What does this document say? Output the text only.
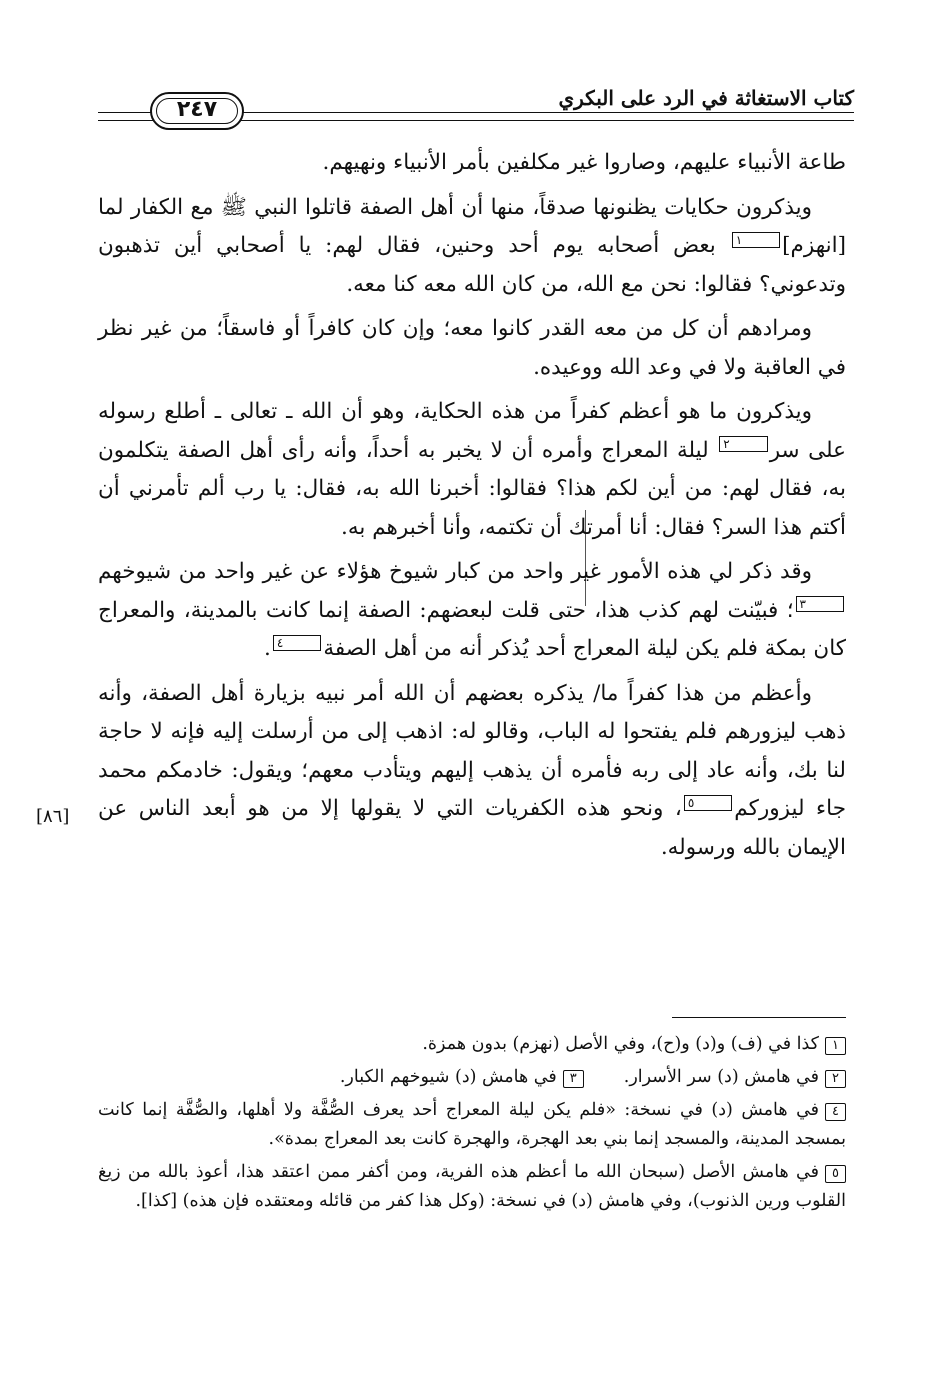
كتاب الاستغاثة في الرد على البكري
٢٤٧
[٨٦]

طاعة الأنبياء عليهم، وصاروا غير مكلفين بأمر الأنبياء ونهيهم.

ويذكرون حكايات يظنونها صدقاً، منها أن أهل الصفة قاتلوا النبي ﷺ مع الكفار لما [انهزم]١ بعض أصحابه يوم أحد وحنين، فقال لهم: يا أصحابي أين تذهبون وتدعوني؟ فقالوا: نحن مع الله، من كان الله معه كنا معه.

ومرادهم أن كل من معه القدر كانوا معه؛ وإن كان كافراً أو فاسقاً؛ من غير نظر في العاقبة ولا في وعد الله ووعيده.

ويذكرون ما هو أعظم كفراً من هذه الحكاية، وهو أن الله ـ تعالى ـ أطلع رسوله على سر٢ ليلة المعراج وأمره أن لا يخبر به أحداً، وأنه رأى أهل الصفة يتكلمون به، فقال لهم: من أين لكم هذا؟ فقالوا: أخبرنا الله به، فقال: يا رب ألم تأمرني أن أكتم هذا السر؟ فقال: أنا أمرتك أن تكتمه، وأنا أخبرهم به.

وقد ذكر لي هذه الأمور غير واحد من كبار شيوخ هؤلاء عن غير واحد من شيوخهم٣؛ فبيّنت لهم كذب هذا، حتى قلت لبعضهم: الصفة إنما كانت بالمدينة، والمعراج كان بمكة فلم يكن ليلة المعراج أحد يُذكر أنه من أهل الصفة٤.

وأعظم من هذا كفراً ما/ يذكره بعضهم أن الله أمر نبيه بزيارة أهل الصفة، وأنه ذهب ليزورهم فلم يفتحوا له الباب، وقالو له: اذهب إلى من أرسلت إليه فإنه لا حاجة لنا بك، وأنه عاد إلى ربه فأمره أن يذهب إليهم ويتأدب معهم؛ ويقول: خادمكم محمد جاء ليزوركم٥، ونحو هذه الكفريات التي لا يقولها إلا من هو أبعد الناس عن الإيمان بالله ورسوله.

١كذا في (ف) و(د) و(ح)، وفي الأصل (نهزم) بدون همزة.

٢في هامش (د) سر الأسرار.
٣في هامش (د) شيوخهم الكبار.

٤في هامش (د) في نسخة: «فلم يكن ليلة المعراج أحد يعرف الصُّفَّة ولا أهلها، والصُّفَّة إنما كانت بمسجد المدينة، والمسجد إنما بني بعد الهجرة، والهجرة كانت بعد المعراج بمدة».

٥في هامش الأصل (سبحان الله ما أعظم هذه الفرية، ومن أكفر ممن اعتقد هذا، أعوذ بالله من زيغ القلوب ورين الذنوب)، وفي هامش (د) في نسخة: (وكل هذا كفر من قائله ومعتقده فإن هذه) [كذا].
